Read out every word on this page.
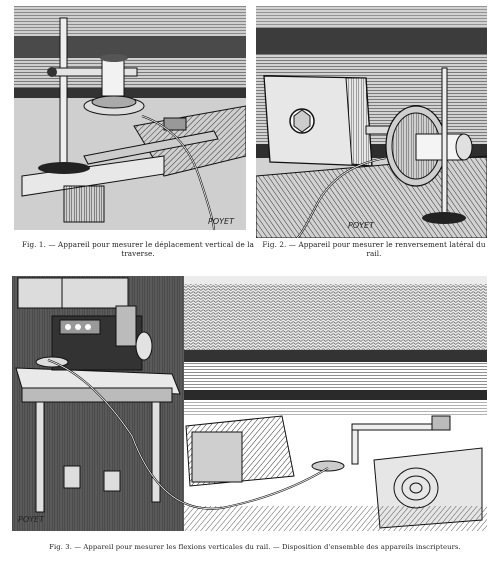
POYET	POYET
Fig. 1. — Appareil pour mesurer le déplacement vertical de la traverse.
Fig. 2. — Appareil pour mesurer le renversement latéral du rail.
POYET
Fig. 3. — Appareil pour mesurer les flexions verticales du rail. — Disposition d'ensemble des appareils inscripteurs.
